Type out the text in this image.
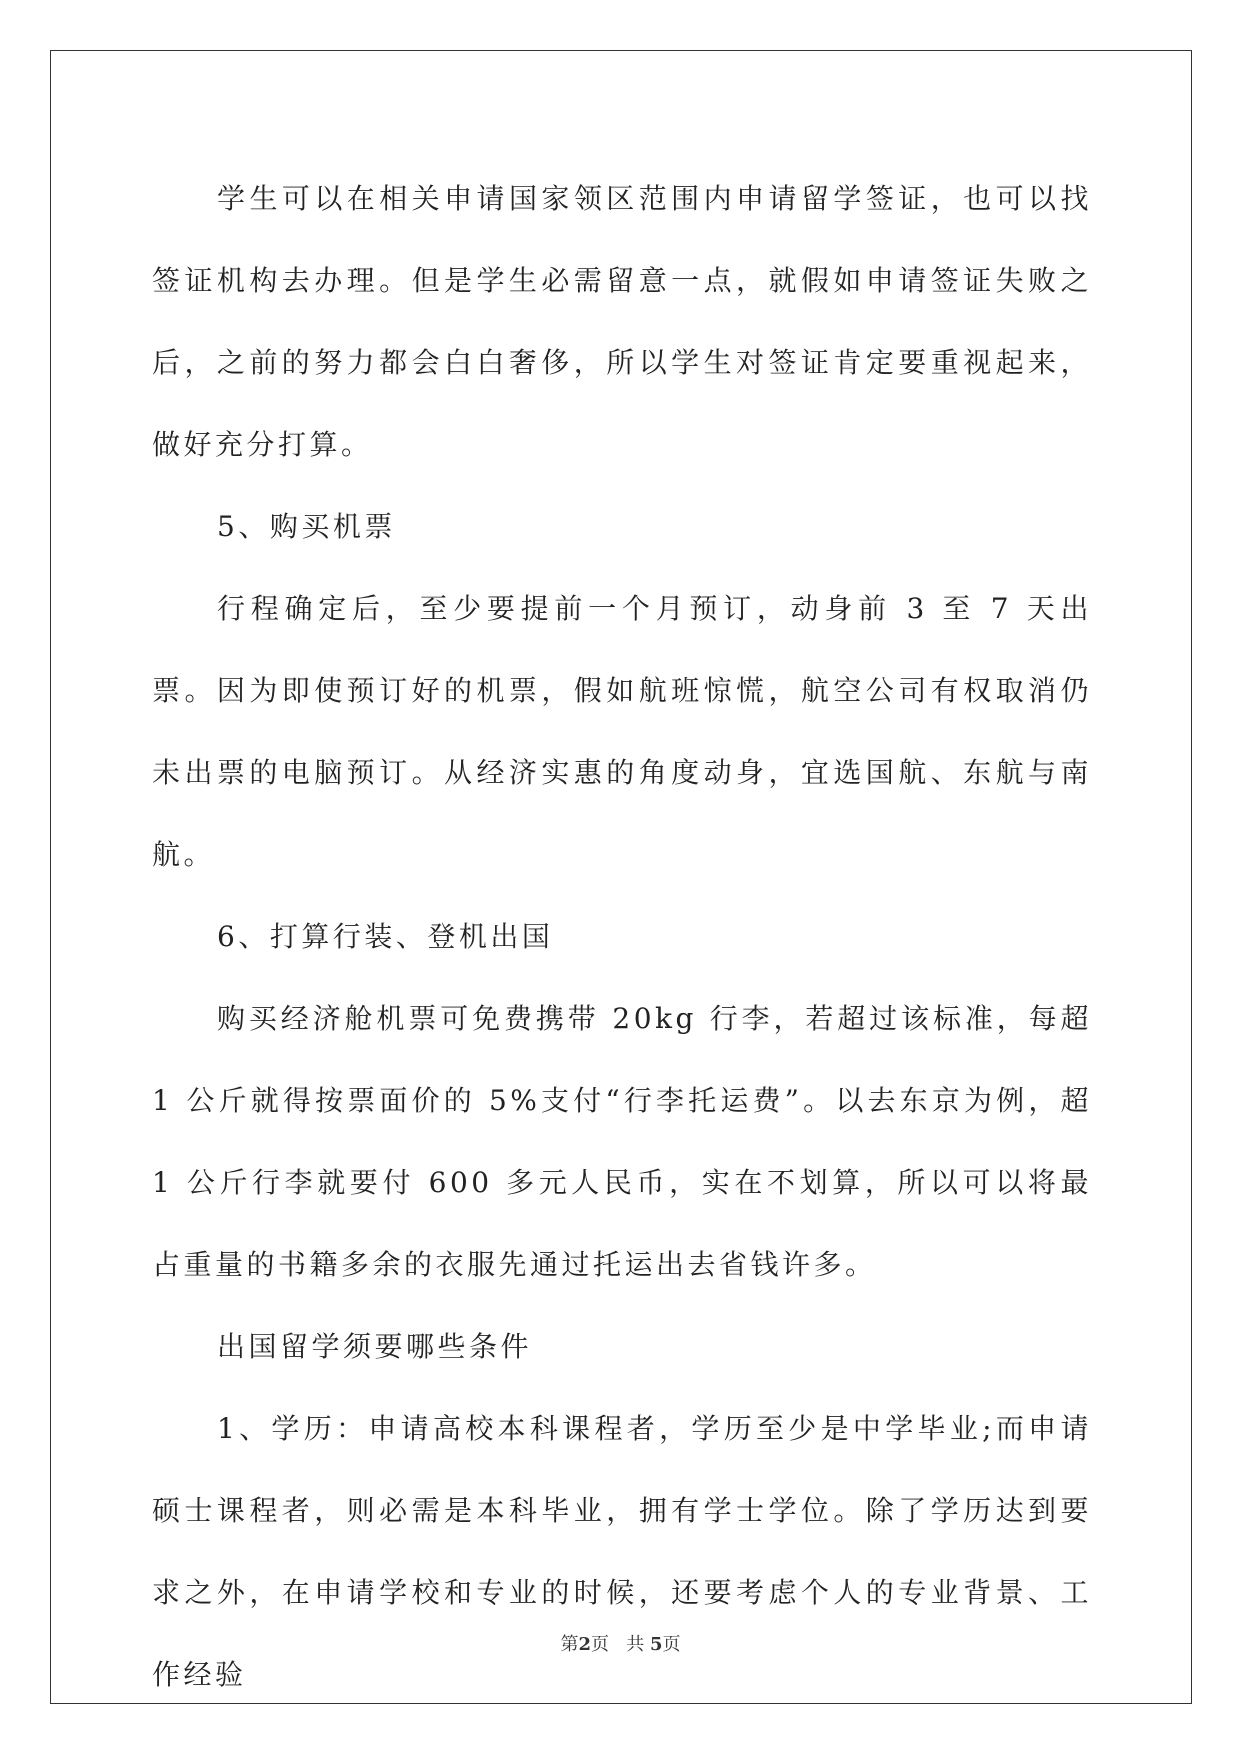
学生可以在相关申请国家领区范围内申请留学签证，也可以找签证机构去办理。但是学生必需留意一点，就假如申请签证失败之后，之前的努力都会白白奢侈，所以学生对签证肯定要重视起来，做好充分打算。

5、购买机票

行程确定后，至少要提前一个月预订，动身前 3 至 7 天出票。因为即使预订好的机票，假如航班惊慌，航空公司有权取消仍未出票的电脑预订。从经济实惠的角度动身，宜选国航、东航与南航。

6、打算行装、登机出国

购买经济舱机票可免费携带 20kg 行李，若超过该标准，每超 1 公斤就得按票面价的 5%支付“行李托运费”。以去东京为例，超 1 公斤行李就要付 600 多元人民币，实在不划算，所以可以将最占重量的书籍多余的衣服先通过托运出去省钱许多。

出国留学须要哪些条件

1、学历：申请高校本科课程者，学历至少是中学毕业;而申请硕士课程者，则必需是本科毕业，拥有学士学位。除了学历达到要求之外，在申请学校和专业的时候，还要考虑个人的专业背景、工作经验

第2页 共 5页
